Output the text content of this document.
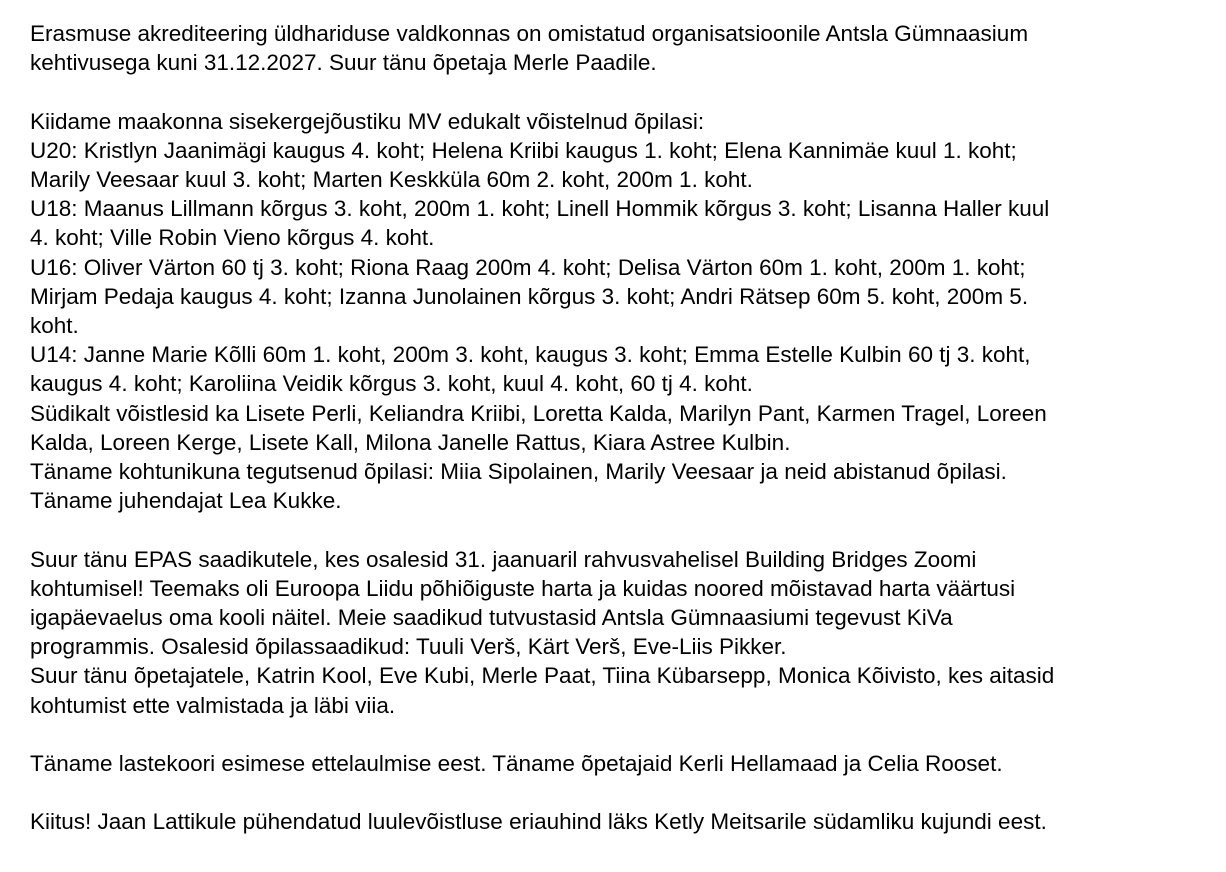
Erasmuse akrediteering üldhariduse valdkonnas on omistatud organisatsioonile Antsla Gümnaasium
kehtivusega kuni 31.12.2027. Suur tänu õpetaja Merle Paadile.
Kiidame maakonna sisekergejõustiku MV edukalt võistelnud õpilasi:
U20: Kristlyn Jaanimägi kaugus 4. koht; Helena Kriibi kaugus 1. koht; Elena Kannimäe kuul 1. koht;
Marily Veesaar kuul 3. koht; Marten Keskküla 60m 2. koht, 200m 1. koht.
U18: Maanus Lillmann kõrgus 3. koht, 200m 1. koht; Linell Hommik kõrgus 3. koht; Lisanna Haller kuul
4. koht; Ville Robin Vieno kõrgus 4. koht.
U16: Oliver Värton 60 tj 3. koht; Riona Raag 200m 4. koht; Delisa Värton 60m 1. koht, 200m 1. koht;
Mirjam Pedaja kaugus 4. koht; Izanna Junolainen kõrgus 3. koht; Andri Rätsep 60m 5. koht, 200m 5.
koht.
U14: Janne Marie Kõlli 60m 1. koht, 200m 3. koht, kaugus 3. koht; Emma Estelle Kulbin 60 tj 3. koht,
kaugus 4. koht; Karoliina Veidik kõrgus 3. koht, kuul 4. koht, 60 tj 4. koht.
Südikalt võistlesid ka Lisete Perli, Keliandra Kriibi, Loretta Kalda, Marilyn Pant, Karmen Tragel, Loreen
Kalda, Loreen Kerge, Lisete Kall, Milona Janelle Rattus, Kiara Astree Kulbin.
Täname kohtunikuna tegutsenud õpilasi: Miia Sipolainen, Marily Veesaar ja neid abistanud õpilasi.
Täname juhendajat Lea Kukke.
Suur tänu EPAS saadikutele, kes osalesid 31. jaanuaril rahvusvahelisel Building Bridges Zoomi
kohtumisel! Teemaks oli Euroopa Liidu põhiõiguste harta ja kuidas noored mõistavad harta väärtusi
igapäevaelus oma kooli näitel. Meie saadikud tutvustasid Antsla Gümnaasiumi tegevust KiVa
programmis. Osalesid õpilassaadikud: Tuuli Verš, Kärt Verš, Eve-Liis Pikker.
Suur tänu õpetajatele, Katrin Kool, Eve Kubi, Merle Paat, Tiina Kübarsepp, Monica Kõivisto, kes aitasid
kohtumist ette valmistada ja läbi viia.
Täname lastekoori esimese ettelaulmise eest. Täname õpetajaid Kerli Hellamaad ja Celia Rooset.
Kiitus! Jaan Lattikule pühendatud luulevõistluse eriauhind läks Ketly Meitsarile südamliku kujundi eest.
